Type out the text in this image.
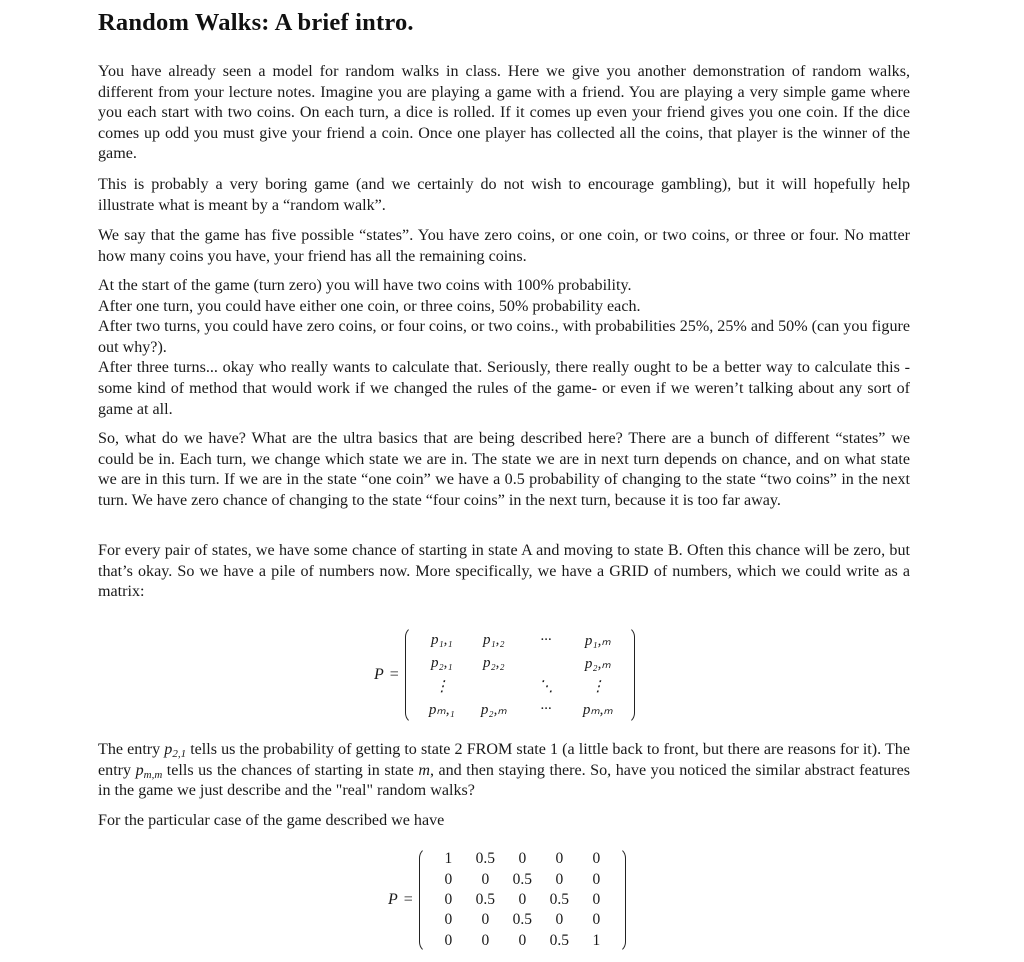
Random Walks: A brief intro.

You have already seen a model for random walks in class. Here we give you another demonstration of random walks, different from your lecture notes. Imagine you are playing a game with a friend. You are playing a very simple game where you each start with two coins. On each turn, a dice is rolled. If it comes up even your friend gives you one coin. If the dice comes up odd you must give your friend a coin. Once one player has collected all the coins, that player is the winner of the game.

This is probably a very boring game (and we certainly do not wish to encourage gambling), but it will hopefully help illustrate what is meant by a “random walk”.

We say that the game has five possible “states”. You have zero coins, or one coin, or two coins, or three or four. No matter how many coins you have, your friend has all the remaining coins.

At the start of the game (turn zero) you will have two coins with 100% probability.
After one turn, you could have either one coin, or three coins, 50% probability each.
After two turns, you could have zero coins, or four coins, or two coins., with probabilities 25%, 25% and 50% (can you figure out why?).
After three turns... okay who really wants to calculate that. Seriously, there really ought to be a better way to calculate this - some kind of method that would work if we changed the rules of the game- or even if we weren’t talking about any sort of game at all.

So, what do we have? What are the ultra basics that are being described here? There are a bunch of different “states” we could be in. Each turn, we change which state we are in. The state we are in next turn depends on chance, and on what state we are in this turn. If we are in the state “one coin” we have a 0.5 probability of changing to the state “two coins” in the next turn. We have zero chance of changing to the state “four coins” in the next turn, because it is too far away.

For every pair of states, we have some chance of starting in state A and moving to state B. Often this chance will be zero, but that’s okay. So we have a pile of numbers now. More specifically, we have a GRID of numbers, which we could write as a matrix:

P =
p₁,₁	p₁,₂	···	p₁,ₘ
p₂,₁	p₂,₂		p₂,ₘ
⋮		⋱	⋮
pₘ,₁	p₂,ₘ	···	pₘ,ₘ

The entry $p_{2,1}$ tells us the probability of getting to state 2 FROM state 1 (a little back to front, but there are reasons for it). The entry $p_{m,m}$ tells us the chances of starting in state m, and then staying there. So, have you noticed the similar abstract features in the game we just describe and the "real" random walks?

For the particular case of the game described we have

P =
1	0.5	0	0	0
0	0	0.5	0	0
0	0.5	0	0.5	0
0	0	0.5	0	0
0	0	0	0.5	1
